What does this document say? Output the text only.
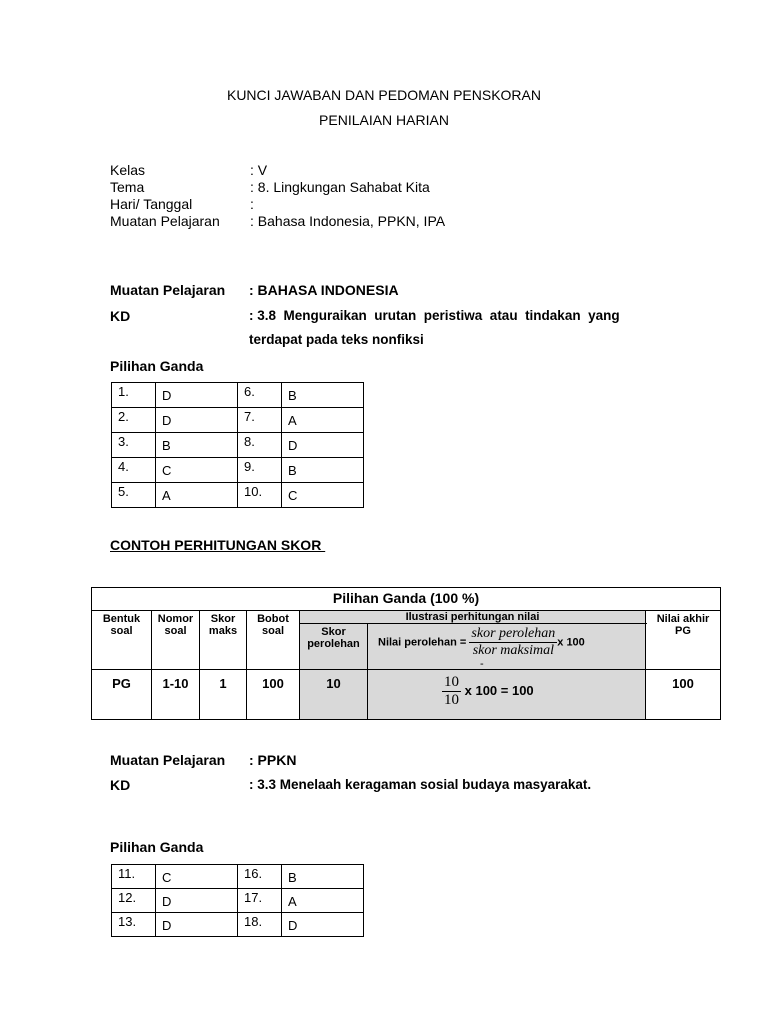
KUNCI JAWABAN DAN PEDOMAN PENSKORAN
PENILAIAN HARIAN
Kelas	: V
Tema	: 8. Lingkungan Sahabat Kita
Hari/ Tanggal	:
Muatan Pelajaran : Bahasa Indonesia, PPKN, IPA
Muatan Pelajaran : BAHASA INDONESIA
KD	: 3.8  Menguraikan  urutan  peristiwa  atau  tindakan  yang
terdapat pada teks nonfiksi
Pilihan Ganda
1.	D	6.	B

2.	D	7.	A

3.	B	8.	D

4.	C	9.	B

5.	A	10.	C
CONTOH PERHITUNGAN SKOR
Pilihan Ganda (100 %)						
Bentuk soal	Nomor soal	Skor maks	Bobot soal	Ilustrasi perhitungan nilai		Nilai akhir PG
				Skor perolehan	Nilai perolehan = $\frac{\text{skor perolehan}}{\text{skor maksimal}}$ x 100
-	

PG	1-10	1	100	10	$\frac{10}{10}$ x 100 = 100	100
Muatan Pelajaran : PPKN
KD	: 3.3 Menelaah keragaman sosial budaya masyarakat.
Pilihan Ganda
11.	C	16.	B

12.	D	17.	A

13.	D	18.	D
